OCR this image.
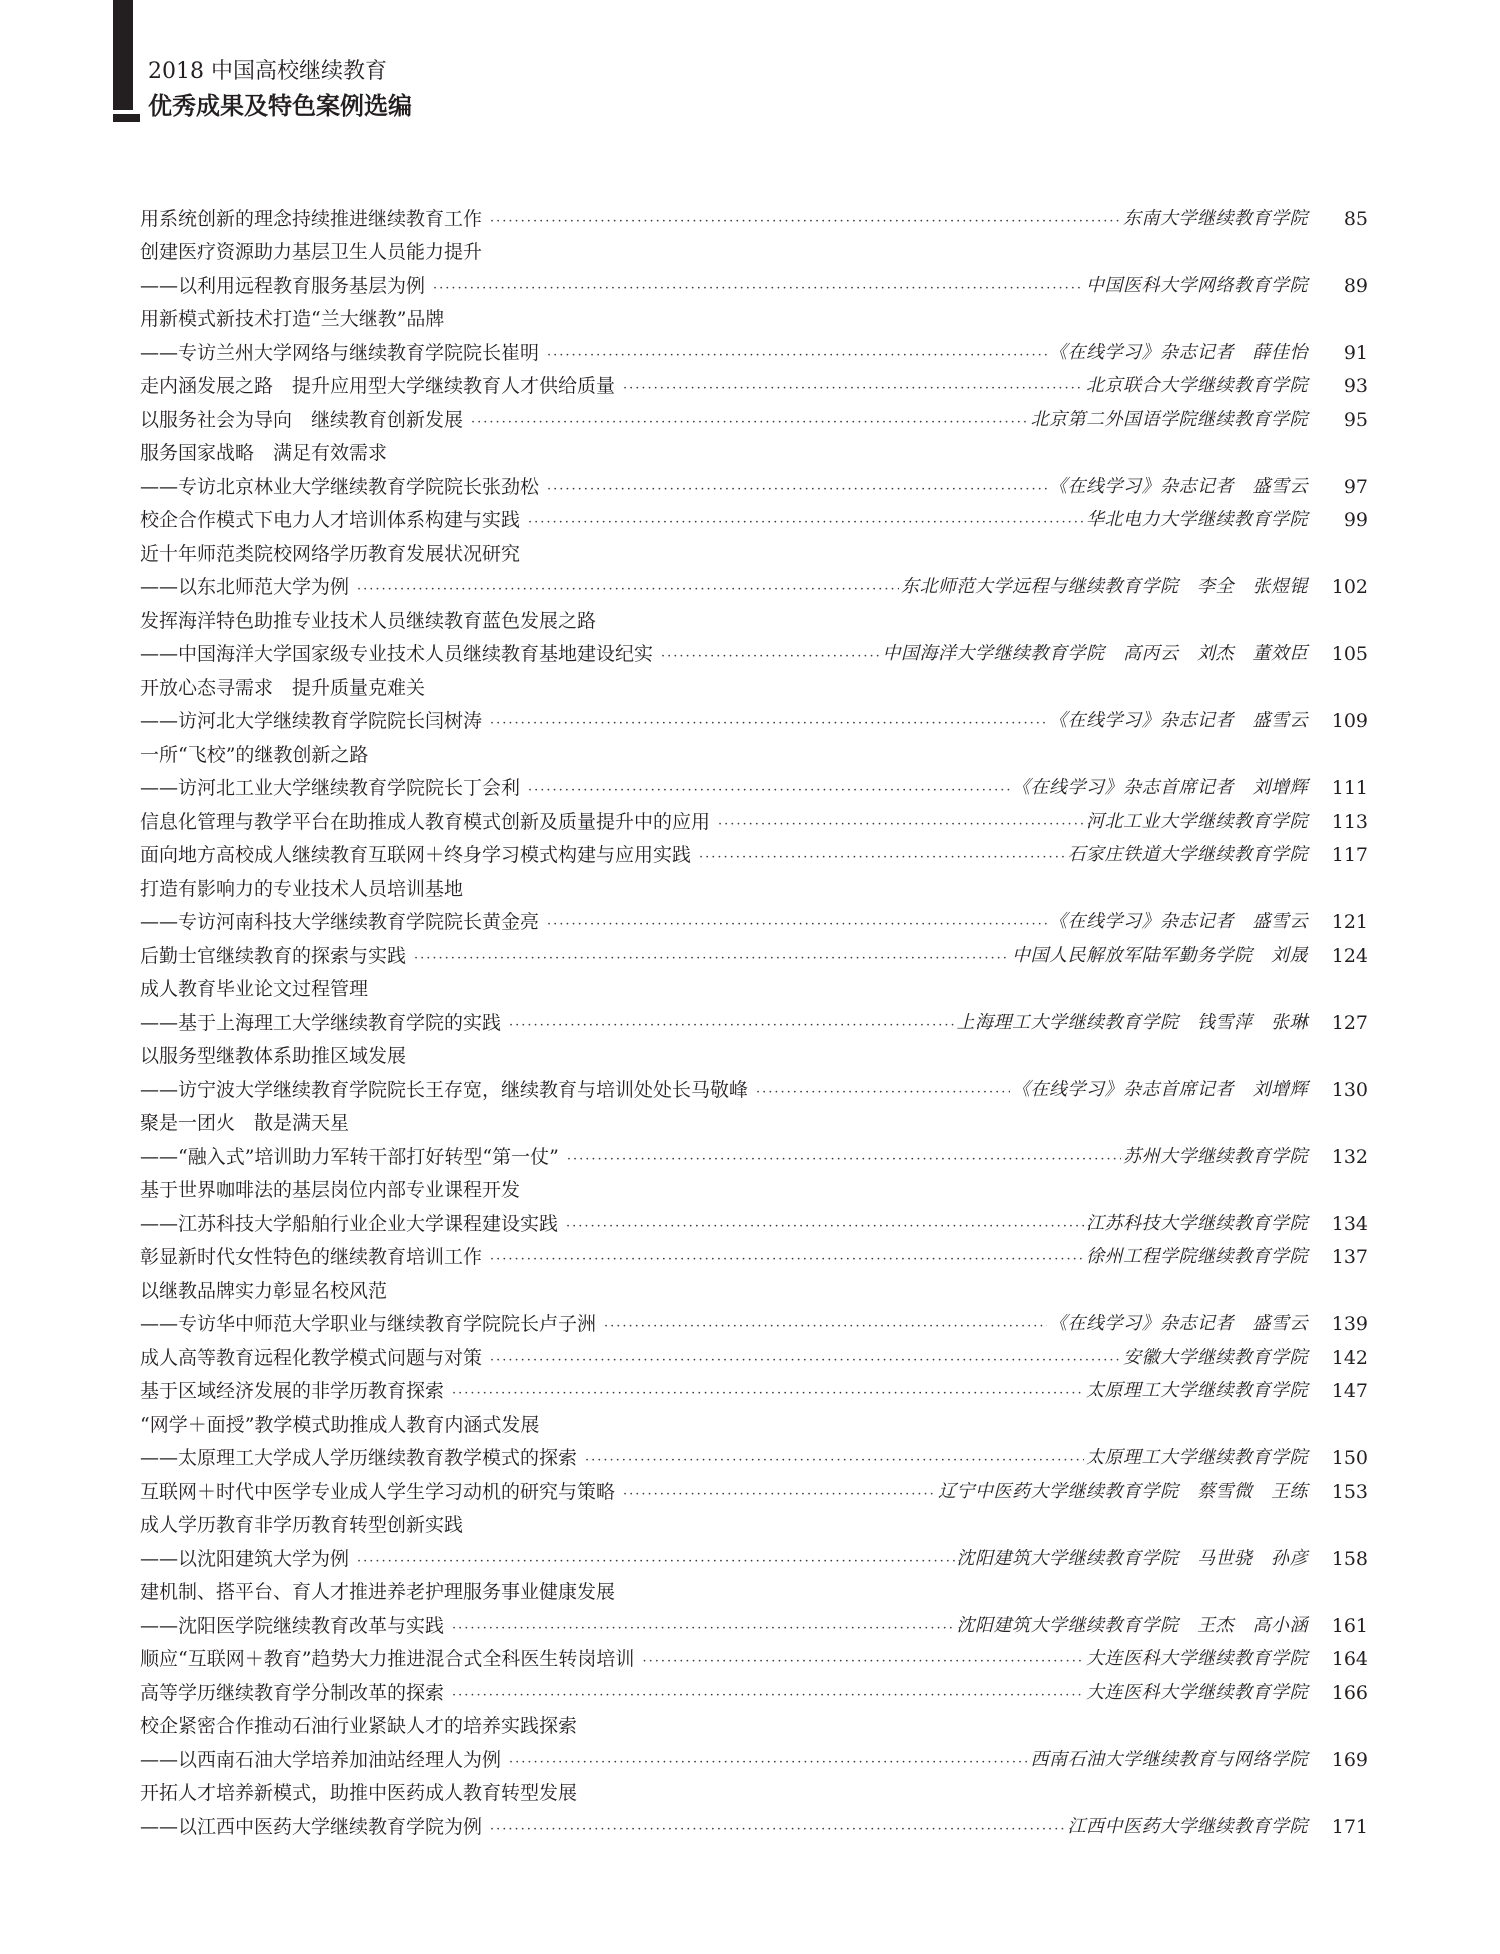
2018 中国高校继续教育
优秀成果及特色案例选编
用系统创新的理念持续推进继续教育工作 ·····	东南大学继续教育学院	85
创建医疗资源助力基层卫生人员能力提升
——以利用远程教育服务基层为例 ·····	中国医科大学网络教育学院	89
用新模式新技术打造“兰大继教”品牌
——专访兰州大学网络与继续教育学院院长崔明 ·····	《在线学习》杂志记者　薛佳怡	91
走内涵发展之路　提升应用型大学继续教育人才供给质量 ·····	北京联合大学继续教育学院	93
以服务社会为导向　继续教育创新发展 ·····	北京第二外国语学院继续教育学院	95
服务国家战略　满足有效需求
——专访北京林业大学继续教育学院院长张劲松 ·····	《在线学习》杂志记者　盛雪云	97
校企合作模式下电力人才培训体系构建与实践 ·····	华北电力大学继续教育学院	99
近十年师范类院校网络学历教育发展状况研究
——以东北师范大学为例 ·····	东北师范大学远程与继续教育学院　李全　张煜锟	102
发挥海洋特色助推专业技术人员继续教育蓝色发展之路
——中国海洋大学国家级专业技术人员继续教育基地建设纪实 ·····	中国海洋大学继续教育学院　高丙云　刘杰　董效臣	105
开放心态寻需求　提升质量克难关
——访河北大学继续教育学院院长闫树涛 ·····	《在线学习》杂志记者　盛雪云	109
一所“飞校”的继教创新之路
——访河北工业大学继续教育学院院长丁会利 ·····	《在线学习》杂志首席记者　刘增辉	111
信息化管理与教学平台在助推成人教育模式创新及质量提升中的应用 ·····	河北工业大学继续教育学院	113
面向地方高校成人继续教育互联网＋终身学习模式构建与应用实践 ·····	石家庄铁道大学继续教育学院	117
打造有影响力的专业技术人员培训基地
——专访河南科技大学继续教育学院院长黄金亮 ·····	《在线学习》杂志记者　盛雪云	121
后勤士官继续教育的探索与实践 ·····	中国人民解放军陆军勤务学院　刘晟	124
成人教育毕业论文过程管理
——基于上海理工大学继续教育学院的实践 ·····	上海理工大学继续教育学院　钱雪萍　张琳	127
以服务型继教体系助推区域发展
——访宁波大学继续教育学院院长王存宽，继续教育与培训处处长马敬峰 ·····	《在线学习》杂志首席记者　刘增辉	130
聚是一团火　散是满天星
——“融入式”培训助力军转干部打好转型“第一仗” ·····	苏州大学继续教育学院	132
基于世界咖啡法的基层岗位内部专业课程开发
——江苏科技大学船舶行业企业大学课程建设实践 ·····	江苏科技大学继续教育学院	134
彰显新时代女性特色的继续教育培训工作 ·····	徐州工程学院继续教育学院	137
以继教品牌实力彰显名校风范
——专访华中师范大学职业与继续教育学院院长卢子洲 ·····	《在线学习》杂志记者　盛雪云	139
成人高等教育远程化教学模式问题与对策 ·····	安徽大学继续教育学院	142
基于区域经济发展的非学历教育探索 ·····	太原理工大学继续教育学院	147
“网学＋面授”教学模式助推成人教育内涵式发展
——太原理工大学成人学历继续教育教学模式的探索 ·····	太原理工大学继续教育学院	150
互联网＋时代中医学专业成人学生学习动机的研究与策略 ·····	辽宁中医药大学继续教育学院　蔡雪微　王练	153
成人学历教育非学历教育转型创新实践
——以沈阳建筑大学为例 ·····	沈阳建筑大学继续教育学院　马世骁　孙彦	158
建机制、搭平台、育人才推进养老护理服务事业健康发展
——沈阳医学院继续教育改革与实践 ·····	沈阳建筑大学继续教育学院　王杰　高小涵	161
顺应“互联网＋教育”趋势大力推进混合式全科医生转岗培训 ·····	大连医科大学继续教育学院	164
高等学历继续教育学分制改革的探索 ·····	大连医科大学继续教育学院	166
校企紧密合作推动石油行业紧缺人才的培养实践探索
——以西南石油大学培养加油站经理人为例 ·····	西南石油大学继续教育与网络学院	169
开拓人才培养新模式，助推中医药成人教育转型发展
——以江西中医药大学继续教育学院为例 ·····	江西中医药大学继续教育学院	171
